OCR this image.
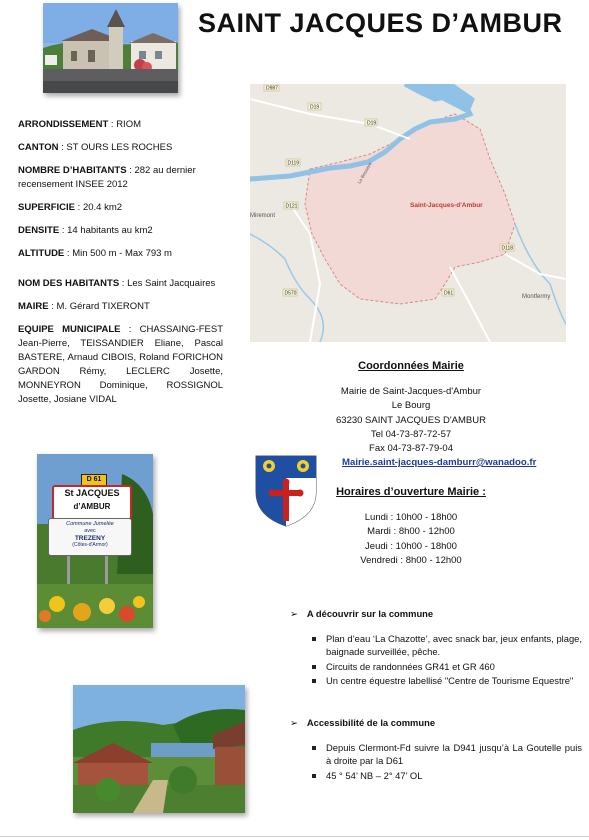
SAINT JACQUES D’AMBUR

ARRONDISSEMENT : RIOM

CANTON : ST OURS LES ROCHES

NOMBRE D’HABITANTS : 282 au dernier recensement INSEE 2012

SUPERFICIE : 20.4 km2

DENSITE : 14 habitants au km2

ALTITUDE : Min 500 m - Max 793 m

NOM DES HABITANTS : Les Saint Jacquaires

MAIRE : M. Gérard TIXERONT

EQUIPE MUNICIPALE : CHASSAING-FEST Jean-Pierre, TEISSANDIER Eliane, Pascal BASTERE, Arnaud CIBOIS, Roland FORICHON GARDON Rémy, LECLERC Josette, MONNEYRON Dominique, ROSSIGNOL Josette, Josiane VIDAL

D987
D19
D119
D121
D19
D61
D570
D118
Miremont
Montfermy
La Bessière
Saint-Jacques-d'Ambur
Coordonnées Mairie
Mairie de Saint-Jacques-d'Ambur
Le Bourg
63230 SAINT JACQUES D'AMBUR
Tel 04-73-87-72-57
Fax 04-73-87-79-04
Mairie.saint-jacques-damburr@wanadoo.fr
Horaires d’ouverture Mairie :
Lundi : 10h00 - 18h00
Mardi : 8h00 - 12h00
Jeudi : 10h00 - 18h00
Vendredi : 8h00 - 12h00
D 61
St JACQUES
d’AMBUR
Commune Jumelée
avec
TREZENY
(Côtes-d'Armor)
➢ A découvrir sur la commune
Plan d’eau ‘La Chazotte’, avec snack bar, jeux enfants, plage, baignade surveillée, pêche.
Circuits de randonnées GR41 et GR 460
Un centre équestre labellisé "Centre de Tourisme Equestre"
➢ Accessibilité de la commune
Depuis Clermont-Fd suivre la D941 jusqu’à La Goutelle puis à droite par la D61
45 ° 54’ NB – 2° 47’ OL
